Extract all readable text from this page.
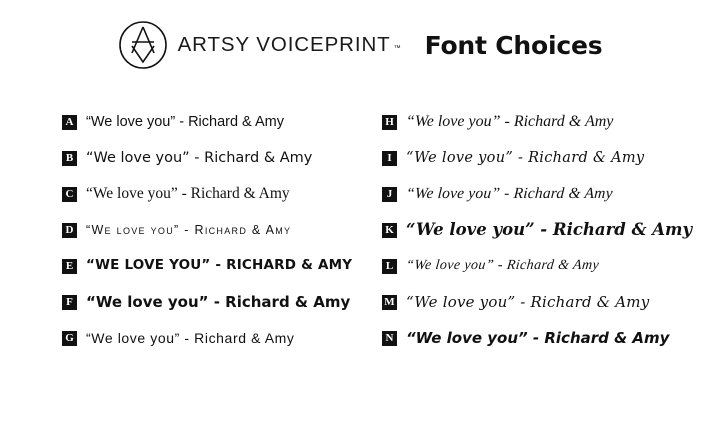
ARTSY VOICEPRINT ™ Font Choices
A “We love you” - Richard & Amy
B “We love you” - Richard & Amy
C “We love you” - Richard & Amy
D “We love you” - Richard & Amy
E “WE LOVE YOU” - RICHARD & AMY
F “We love you” - Richard & Amy
G “We love you” - Richard & Amy
H “We love you” - Richard & Amy
I “We love you” - Richard & Amy
J “We love you” - Richard & Amy
K “We love you” - Richard & Amy
L “We love you” - Richard & Amy
M “We love you” - Richard & Amy
N “We love you” - Richard & Amy
